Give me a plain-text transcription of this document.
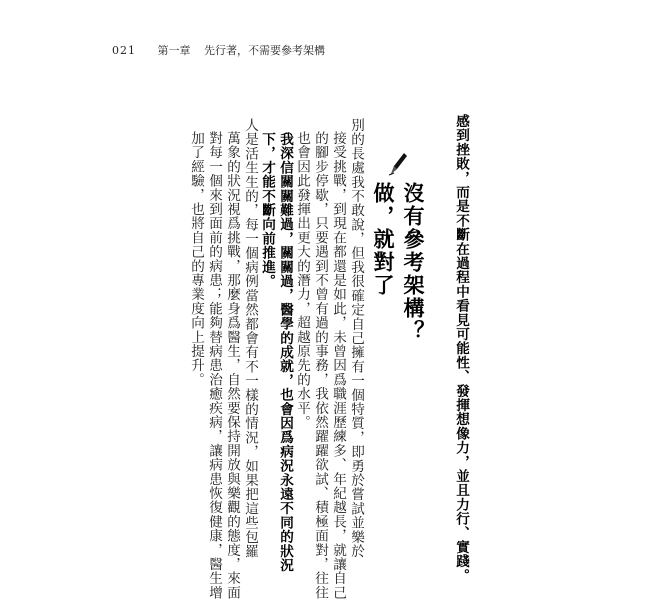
021 第一章 先行著，不需要參考架構
感到挫敗，而是不斷在過程中看見可能性、發揮想像力，並且力行、實踐。
沒有參考架構？做，就對了
別的長處我不敢說，但我很確定自己擁有一個特質，即勇於嘗試並樂於
接受挑戰，到現在都還是如此，未曾因爲職涯歷練多、年紀越長，就讓自己
的腳步停歇，只要遇到不曾有過的事務，我依然躍躍欲試、積極面對，往往
也會因此發揮出更大的潛力，超越原先的水平。
我深信關關難過，關關過，醫學的成就，也會因爲病況永遠不同的狀況
下，才能不斷向前推進。
人是活生生的，每一個病例當然都會有不一樣的情況，如果把這些包羅
萬象的狀況視爲挑戰，那麼身爲醫生，自然要保持開放與樂觀的態度，來面
對每一個來到面前的病患；能夠替病患治癒疾病，讓病患恢復健康，醫生增
加了經驗，也將自己的專業度向上提升。
